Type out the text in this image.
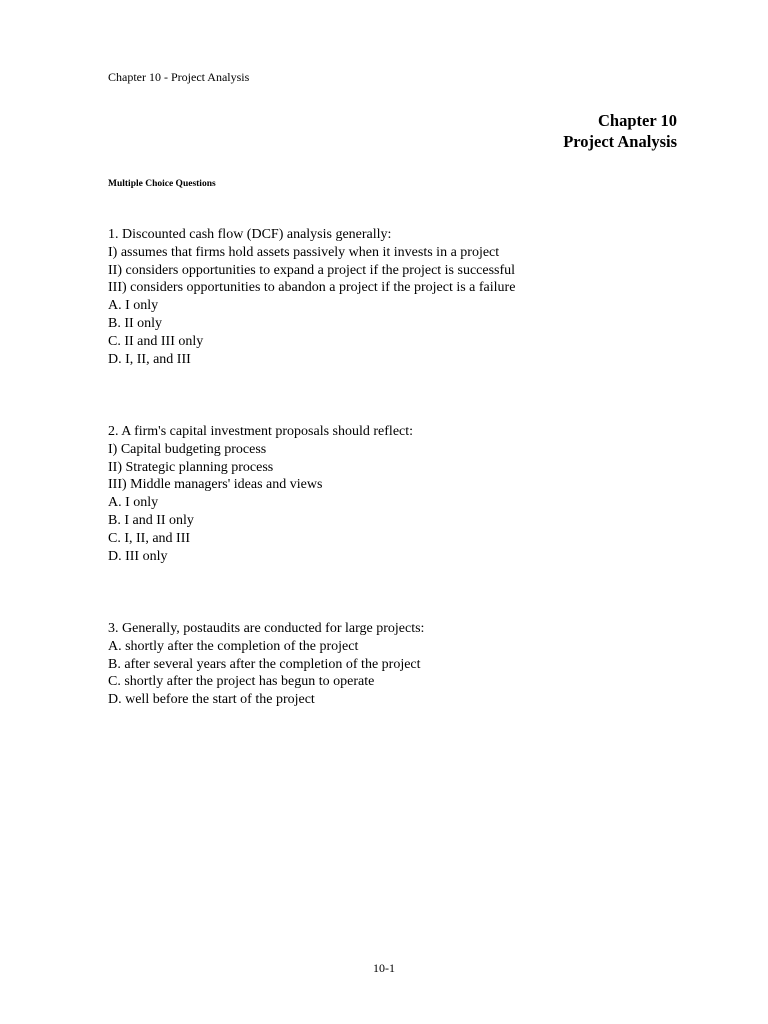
Chapter 10 - Project Analysis
Chapter 10
Project Analysis
Multiple Choice Questions
1. Discounted cash flow (DCF) analysis generally:
I) assumes that firms hold assets passively when it invests in a project
II) considers opportunities to expand a project if the project is successful
III) considers opportunities to abandon a project if the project is a failure
A. I only
B. II only
C. II and III only
D. I, II, and III
2. A firm's capital investment proposals should reflect:
I) Capital budgeting process
II) Strategic planning process
III) Middle managers' ideas and views
A. I only
B. I and II only
C. I, II, and III
D. III only
3. Generally, postaudits are conducted for large projects:
A. shortly after the completion of the project
B. after several years after the completion of the project
C. shortly after the project has begun to operate
D. well before the start of the project
10-1
